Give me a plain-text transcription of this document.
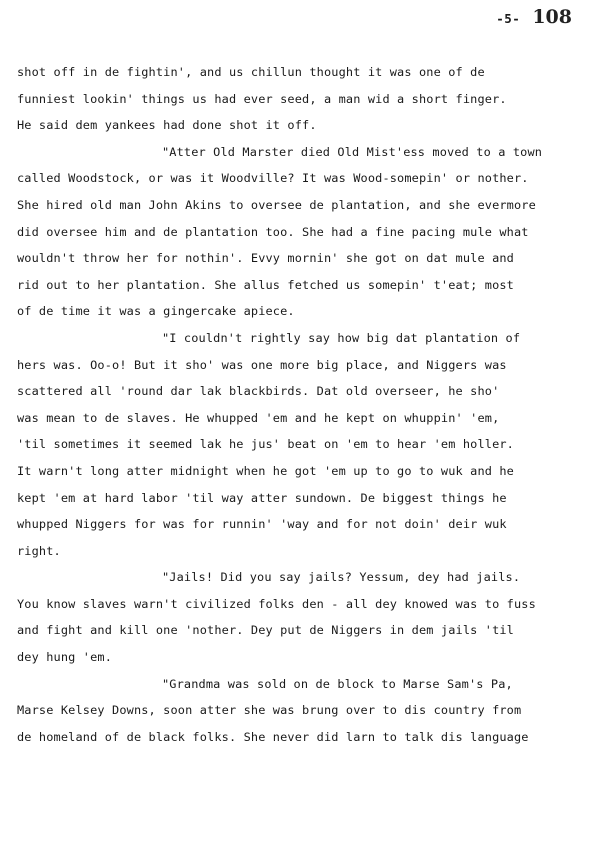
-5- 108
shot off in de fightin', and us chillun thought it was one of de
funniest lookin' things us had ever seed, a man wid a short finger.
He said dem yankees had done shot it off.
"Atter Old Marster died Old Mist'ess moved to a town
called Woodstock, or was it Woodville? It was Wood-somepin' or nother.
She hired old man John Akins to oversee de plantation, and she evermore
did oversee him and de plantation too. She had a fine pacing mule what
wouldn't throw her for nothin'. Evvy mornin' she got on dat mule and
rid out to her plantation. She allus fetched us somepin' t'eat; most
of de time it was a gingercake apiece.
"I couldn't rightly say how big dat plantation of
hers was. Oo-o! But it sho' was one more big place, and Niggers was
scattered all 'round dar lak blackbirds. Dat old overseer, he sho'
was mean to de slaves. He whupped 'em and he kept on whuppin' 'em,
'til sometimes it seemed lak he jus' beat on 'em to hear 'em holler.
It warn't long atter midnight when he got 'em up to go to wuk and he
kept 'em at hard labor 'til way atter sundown. De biggest things he
whupped Niggers for was for runnin' 'way and for not doin' deir wuk
right.
"Jails! Did you say jails? Yessum, dey had jails.
You know slaves warn't civilized folks den - all dey knowed was to fuss
and fight and kill one 'nother. Dey put de Niggers in dem jails 'til
dey hung 'em.
"Grandma was sold on de block to Marse Sam's Pa,
Marse Kelsey Downs, soon atter she was brung over to dis country from
de homeland of de black folks. She never did larn to talk dis language
